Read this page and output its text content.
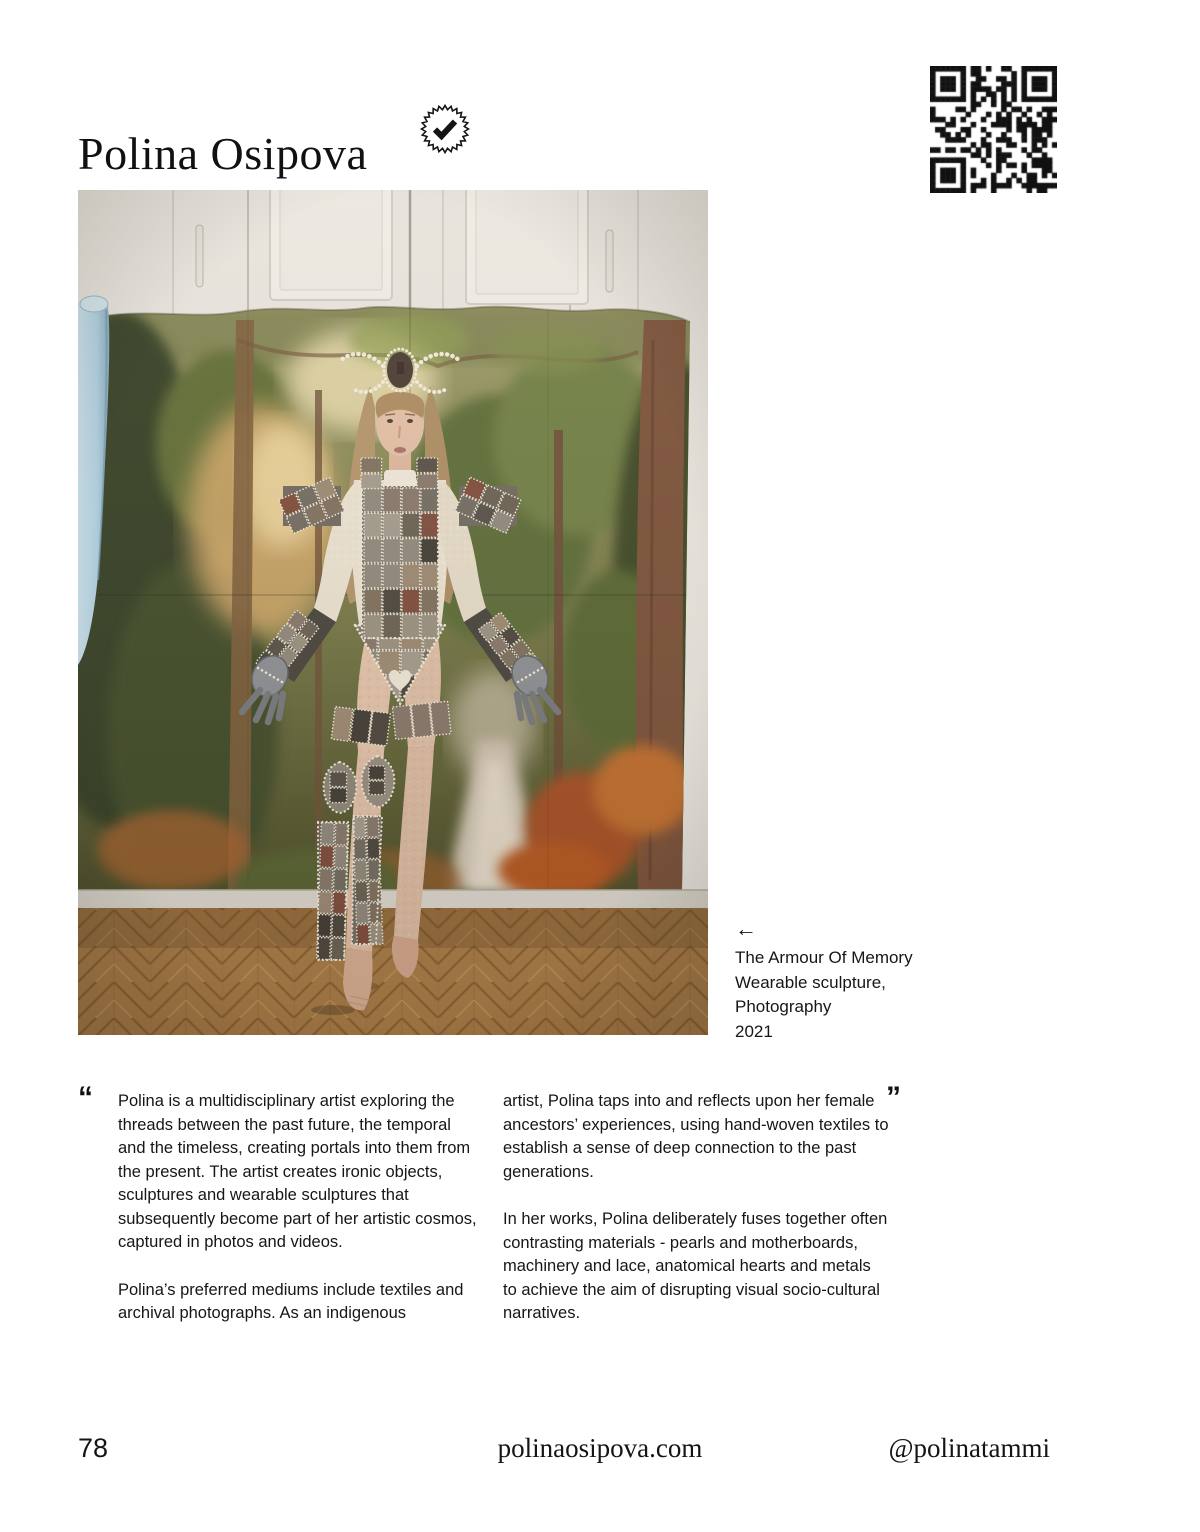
Polina Osipova
←
The Armour Of Memory
Wearable sculpture,
Photography
2021
“ Polina is a multidisciplinary artist exploring the threads between the past future, the temporal and the timeless, creating portals into them from the present. The artist creates ironic objects, sculptures and wearable sculptures that subsequently become part of her artistic cosmos, captured in photos and videos.

Polina’s preferred mediums include textiles and archival photographs. As an indigenous

artist, Polina taps into and reflects upon her female ancestors’ experiences, using hand-woven textiles to establish a sense of deep connection to the past generations.

In her works, Polina deliberately fuses together often contrasting materials - pearls and motherboards, machinery and lace, anatomical hearts and metals to achieve the aim of disrupting visual socio-cultural narratives.

”
78	polinaosipova.com	@polinatammi
